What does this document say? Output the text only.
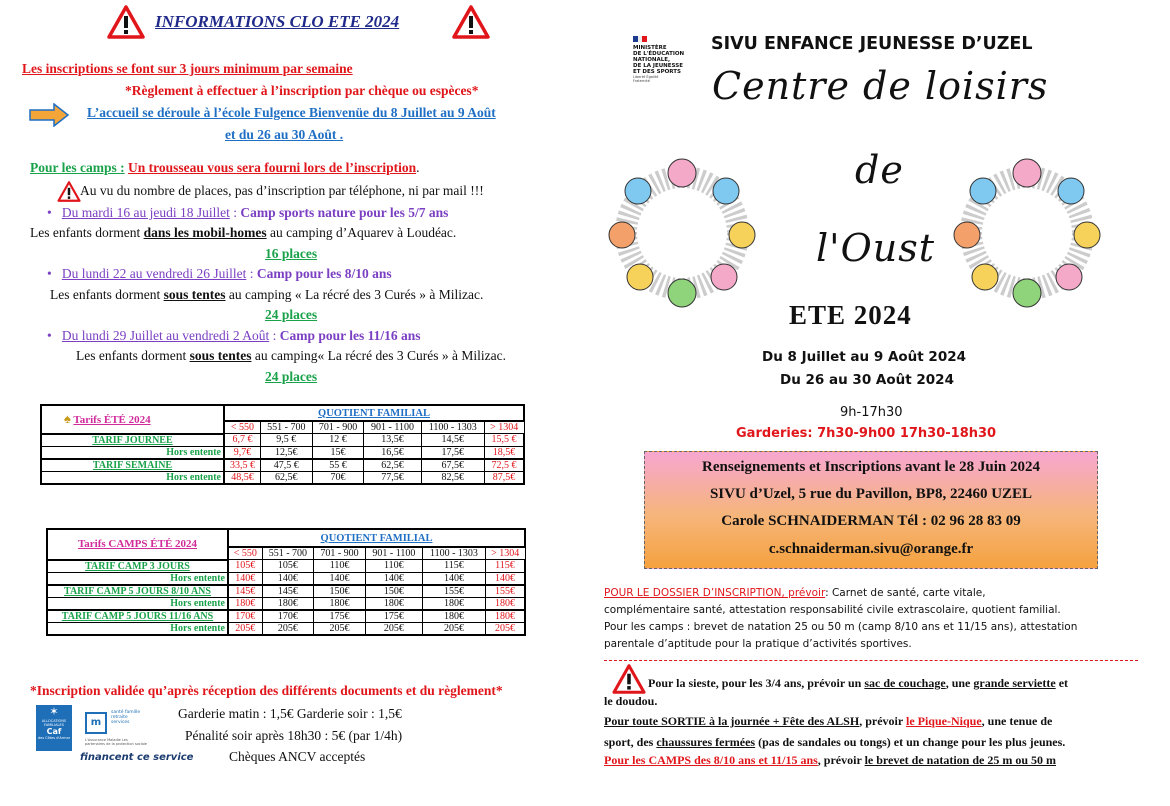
INFORMATIONS CLO ETE 2024
Les inscriptions se font sur 3 jours minimum par semaine
*Règlement à effectuer à l’inscription par chèque ou espèces*
L’accueil se déroule à l’école Fulgence Bienvenüe du 8 Juillet au 9 Août
et du 26 au 30 Août .
Pour les camps : Un trousseau vous sera fourni lors de l’inscription.
Au vu du nombre de places, pas d’inscription par téléphone, ni par mail !!!
• Du mardi 16 au jeudi 18 Juillet : Camp sports nature pour les 5/7 ans
Les enfants dorment dans les mobil-homes au camping d’Aquarev à Loudéac.
16 places
• Du lundi 22 au vendredi 26 Juillet : Camp pour les 8/10 ans
Les enfants dorment sous tentes au camping « La récré des 3 Curés » à Milizac.
24 places
• Du lundi 29 Juillet au vendredi 2 Août : Camp pour les 11/16 ans
Les enfants dorment sous tentes au camping« La récré des 3 Curés » à Milizac.
24 places
♠ Tarifs ÉTÉ 2024	QUOTIENT FAMILIAL					
	< 550	551 - 700	701 - 900	901 - 1100	1100 - 1303	> 1304
TARIF JOURNEE	6,7 €	9,5 €	12 €	13,5€	14,5€	15,5 €
Hors entente	9,7€	12,5€	15€	16,5€	17,5€	18,5€
TARIF SEMAINE	33,5 €	47,5 €	55 €	62,5€	67,5€	72,5 €
Hors entente	48,5€	62,5€	70€	77,5€	82,5€	87,5€
Tarifs CAMPS ÉTÉ 2024	QUOTIENT FAMILIAL					
	< 550	551 - 700	701 - 900	901 - 1100	1100 - 1303	> 1304
TARIF CAMP 3 JOURS	105€	105€	110€	110€	115€	115€
Hors entente	140€	140€	140€	140€	140€	140€
TARIF CAMP 5 JOURS 8/10 ANS	145€	145€	150€	150€	155€	155€
Hors entente	180€	180€	180€	180€	180€	180€
TARIF CAMP 5 JOURS 11/16 ANS	170€	170€	175€	175€	180€	180€
Hors entente	205€	205€	205€	205€	205€	205€
*Inscription validée qu’après réception des différents documents et du règlement*
✶
ALLOCATIONS FAMILIALES
Caf
des Côtes d'Armor
m
santé famille retraite services
L'Assurance Maladie Les partenaires de la protection sociale
financent ce service
Garderie matin : 1,5€ Garderie soir : 1,5€
Pénalité soir après 18h30 : 5€ (par 1/4h)
Chèques ANCV acceptés
MINISTÈRE
DE L'ÉDUCATION
NATIONALE,
DE LA JEUNESSE
ET DES SPORTS
Liberté Égalité Fraternité
SIVU ENFANCE JEUNESSE D’UZEL
Centre de loisirs
de
l'Oust
ETE 2024
Du 8 Juillet au 9 Août 2024
Du 26 au 30 Août 2024
9h-17h30
Garderies: 7h30-9h00 17h30-18h30
Renseignements et Inscriptions avant le 28 Juin 2024
SIVU d’Uzel, 5 rue du Pavillon, BP8, 22460 UZEL
Carole SCHNAIDERMAN Tél : 02 96 28 83 09
c.schnaiderman.sivu@orange.fr
POUR LE DOSSIER D’INSCRIPTION, prévoir: Carnet de santé, carte vitale,
complémentaire santé, attestation responsabilité civile extrascolaire, quotient familial.
Pour les camps : brevet de natation 25 ou 50 m (camp 8/10 ans et 11/15 ans), attestation
parentale d’aptitude pour la pratique d’activités sportives.
Pour la sieste, pour les 3/4 ans, prévoir un sac de couchage, une grande serviette et
le doudou.
Pour toute SORTIE à la journée + Fête des ALSH, prévoir le Pique-Nique, une tenue de
sport, des chaussures fermées (pas de sandales ou tongs) et un change pour les plus jeunes.
Pour les CAMPS des 8/10 ans et 11/15 ans, prévoir le brevet de natation de 25 m ou 50 m
